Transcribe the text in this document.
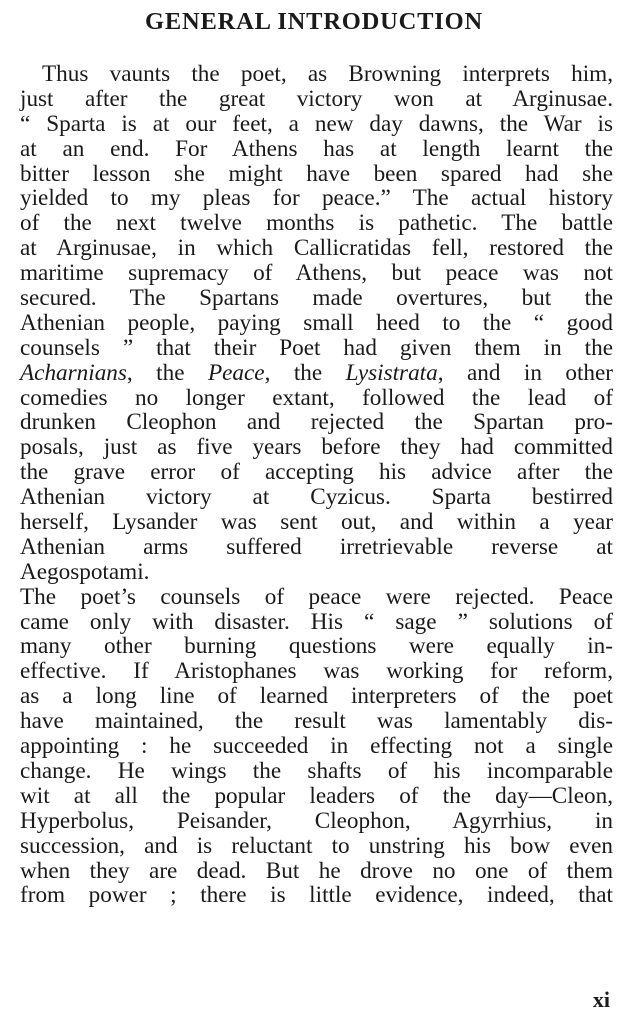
GENERAL INTRODUCTION
Thus vaunts the poet, as Browning interprets him,
just after the great victory won at Arginusae.
“ Sparta is at our feet, a new day dawns, the War is
at an end. For Athens has at length learnt the
bitter lesson she might have been spared had she
yielded to my pleas for peace.” The actual history
of the next twelve months is pathetic. The battle
at Arginusae, in which Callicratidas fell, restored the
maritime supremacy of Athens, but peace was not
secured. The Spartans made overtures, but the
Athenian people, paying small heed to the “ good
counsels ” that their Poet had given them in the
Acharnians, the Peace, the Lysistrata, and in other
comedies no longer extant, followed the lead of
drunken Cleophon and rejected the Spartan pro-
posals, just as five years before they had committed
the grave error of accepting his advice after the
Athenian victory at Cyzicus. Sparta bestirred
herself, Lysander was sent out, and within a year
Athenian arms suffered irretrievable reverse at
Aegospotami.
The poet’s counsels of peace were rejected. Peace
came only with disaster. His “ sage ” solutions of
many other burning questions were equally in-
effective. If Aristophanes was working for reform,
as a long line of learned interpreters of the poet
have maintained, the result was lamentably dis-
appointing : he succeeded in effecting not a single
change. He wings the shafts of his incomparable
wit at all the popular leaders of the day—Cleon,
Hyperbolus, Peisander, Cleophon, Agyrrhius, in
succession, and is reluctant to unstring his bow even
when they are dead. But he drove no one of them
from power ; there is little evidence, indeed, that
xi
